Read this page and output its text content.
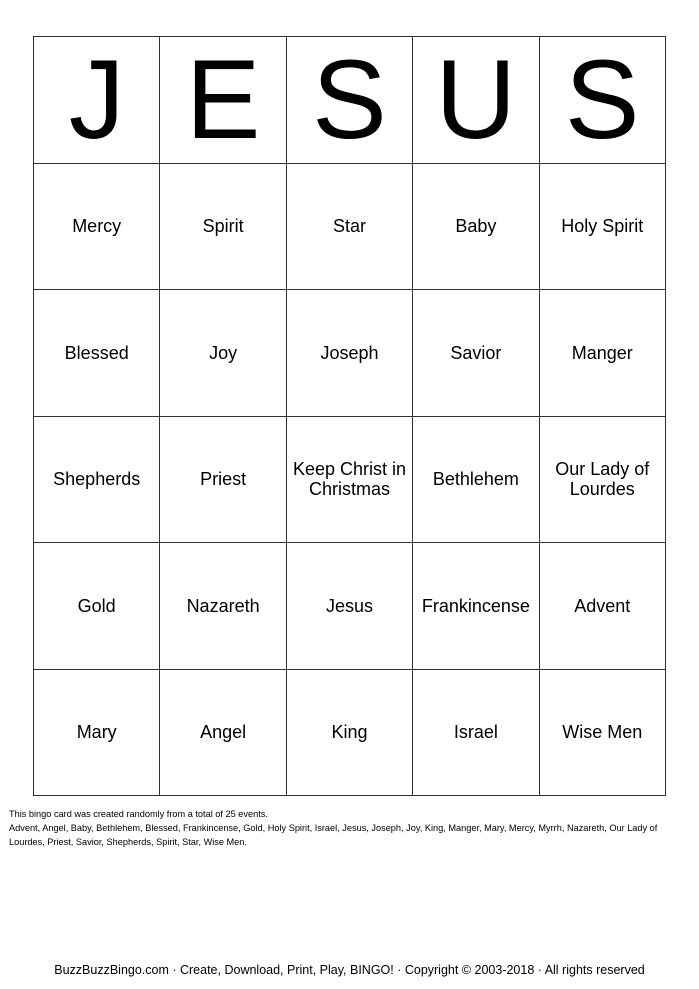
J	E	S	U	S
Mercy	Spirit	Star	Baby	Holy Spirit
Blessed	Joy	Joseph	Savior	Manger
Shepherds	Priest	Keep Christ in Christmas	Bethlehem	Our Lady of Lourdes
Gold	Nazareth	Jesus	Frankincense	Advent
Mary	Angel	King	Israel	Wise Men
This bingo card was created randomly from a total of 25 events.
Advent, Angel, Baby, Bethlehem, Blessed, Frankincense, Gold, Holy Spirit, Israel, Jesus, Joseph, Joy, King, Manger, Mary, Mercy, Myrrh, Nazareth, Our Lady of Lourdes, Priest, Savior, Shepherds, Spirit, Star, Wise Men.
BuzzBuzzBingo.com · Create, Download, Print, Play, BINGO! · Copyright © 2003-2018 · All rights reserved
